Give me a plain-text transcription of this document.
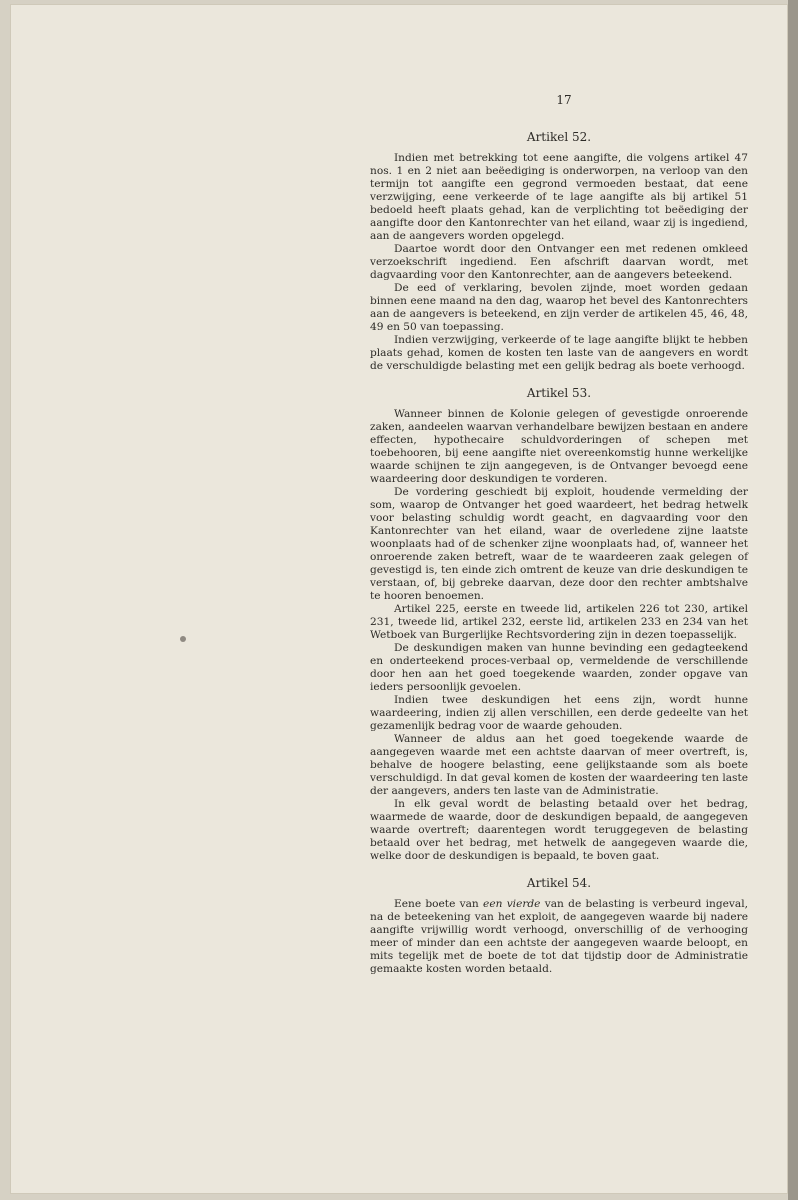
17
Artikel 52.

Indien met betrekking tot eene aangifte, die volgens artikel 47 nos. 1 en 2 niet aan beëediging is onderworpen, na verloop van den termijn tot aangifte een gegrond vermoeden bestaat, dat eene verzwijging, eene verkeerde of te lage aangifte als bij artikel 51 bedoeld heeft plaats gehad, kan de verplichting tot beëediging der aangifte door den Kantonrechter van het eiland, waar zij is ingediend, aan de aangevers worden opgelegd.

Daartoe wordt door den Ontvanger een met redenen omkleed verzoekschrift ingediend. Een afschrift daarvan wordt, met dagvaarding voor den Kantonrechter, aan de aangevers beteekend.

De eed of verklaring, bevolen zijnde, moet worden gedaan binnen eene maand na den dag, waarop het bevel des Kantonrechters aan de aangevers is beteekend, en zijn verder de artikelen 45, 46, 48, 49 en 50 van toepassing.

Indien verzwijging, verkeerde of te lage aangifte blijkt te hebben plaats gehad, komen de kosten ten laste van de aangevers en wordt de verschuldigde belasting met een gelijk bedrag als boete verhoogd.

Artikel 53.

Wanneer binnen de Kolonie gelegen of gevestigde onroerende zaken, aandeelen waarvan verhandelbare bewijzen bestaan en andere effecten, hypothecaire schuldvorderingen of schepen met toebehooren, bij eene aangifte niet overeenkomstig hunne werkelijke waarde schijnen te zijn aangegeven, is de Ontvanger bevoegd eene waardeering door deskundigen te vorderen.

De vordering geschiedt bij exploit, houdende vermelding der som, waarop de Ontvanger het goed waardeert, het bedrag hetwelk voor belasting schuldig wordt geacht, en dagvaarding voor den Kantonrechter van het eiland, waar de overledene zijne laatste woonplaats had of de schenker zijne woonplaats had, of, wanneer het onroerende zaken betreft, waar de te waardeeren zaak gelegen of gevestigd is, ten einde zich omtrent de keuze van drie deskundigen te verstaan, of, bij gebreke daarvan, deze door den rechter ambtshalve te hooren benoemen.

Artikel 225, eerste en tweede lid, artikelen 226 tot 230, artikel 231, tweede lid, artikel 232, eerste lid, artikelen 233 en 234 van het Wetboek van Burgerlijke Rechtsvordering zijn in dezen toepasselijk.

De deskundigen maken van hunne bevinding een gedagteekend en onderteekend proces-verbaal op, vermeldende de verschillende door hen aan het goed toegekende waarden, zonder opgave van ieders persoonlijk gevoelen.

Indien twee deskundigen het eens zijn, wordt hunne waardeering, indien zij allen verschillen, een derde gedeelte van het gezamenlijk bedrag voor de waarde gehouden.

Wanneer de aldus aan het goed toegekende waarde de aangegeven waarde met een achtste daarvan of meer overtreft, is, behalve de hoogere belasting, eene gelijkstaande som als boete verschuldigd. In dat geval komen de kosten der waardeering ten laste der aangevers, anders ten laste van de Administratie.

In elk geval wordt de belasting betaald over het bedrag, waarmede de waarde, door de deskundigen bepaald, de aangegeven waarde overtreft; daarentegen wordt teruggegeven de belasting betaald over het bedrag, met hetwelk de aangegeven waarde die, welke door de deskundigen is bepaald, te boven gaat.

Artikel 54.

Eene boete van een vierde van de belasting is verbeurd ingeval, na de beteekening van het exploit, de aangegeven waarde bij nadere aangifte vrijwillig wordt verhoogd, onverschillig of de verhooging meer of minder dan een achtste der aangegeven waarde beloopt, en mits tegelijk met de boete de tot dat tijdstip door de Administratie gemaakte kosten worden betaald.
